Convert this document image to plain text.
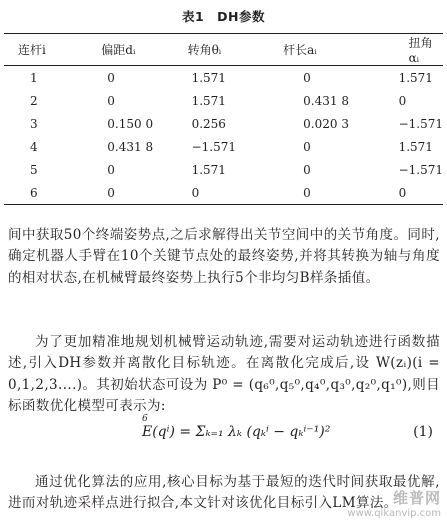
表1　DH参数
连杆i	偏距dᵢ	转角θᵢ	杆长aᵢ	扭角αᵢ
1	0	1.571	0	1.571
2	0	1.571	0.431 8	0
3	0.150 0	0.256	0.020 3	−1.571
4	0.431 8	−1.571	0	1.571
5	0	1.571	0	−1.571
6	0	0	0	0

间中获取50个终端姿势点,之后求解得出关节空间中的关节角度。同时,确定机器人手臂在10个关键节点处的最终姿势,并将其转换为轴与角度的相对状态,在机械臂最终姿势上执行5个非均匀B样条插值。

为了更加精准地规划机械臂运动轨迹,需要对运动轨迹进行函数描述,引入DH参数并离散化目标轨迹。在离散化完成后,设 W(zᵢ)(i = 0,1,2,3....)。其初始状态可设为 P⁰ = (q₆⁰,q₅⁰,q₄⁰,q₃⁰,q₂⁰,q₁⁰),则目标函数优化模型可表示为:

6
E(qⁱ) = Σₖ₌₁ λₖ (qₖⁱ − qₖⁱ⁻¹)²	(1)

通过优化算法的应用,核心目标为基于最短的迭代时间获取最优解,进而对轨迹采样点进行拟合,本文针对该优化目标引入LM算法。

维普网
www.qikanvip.com
